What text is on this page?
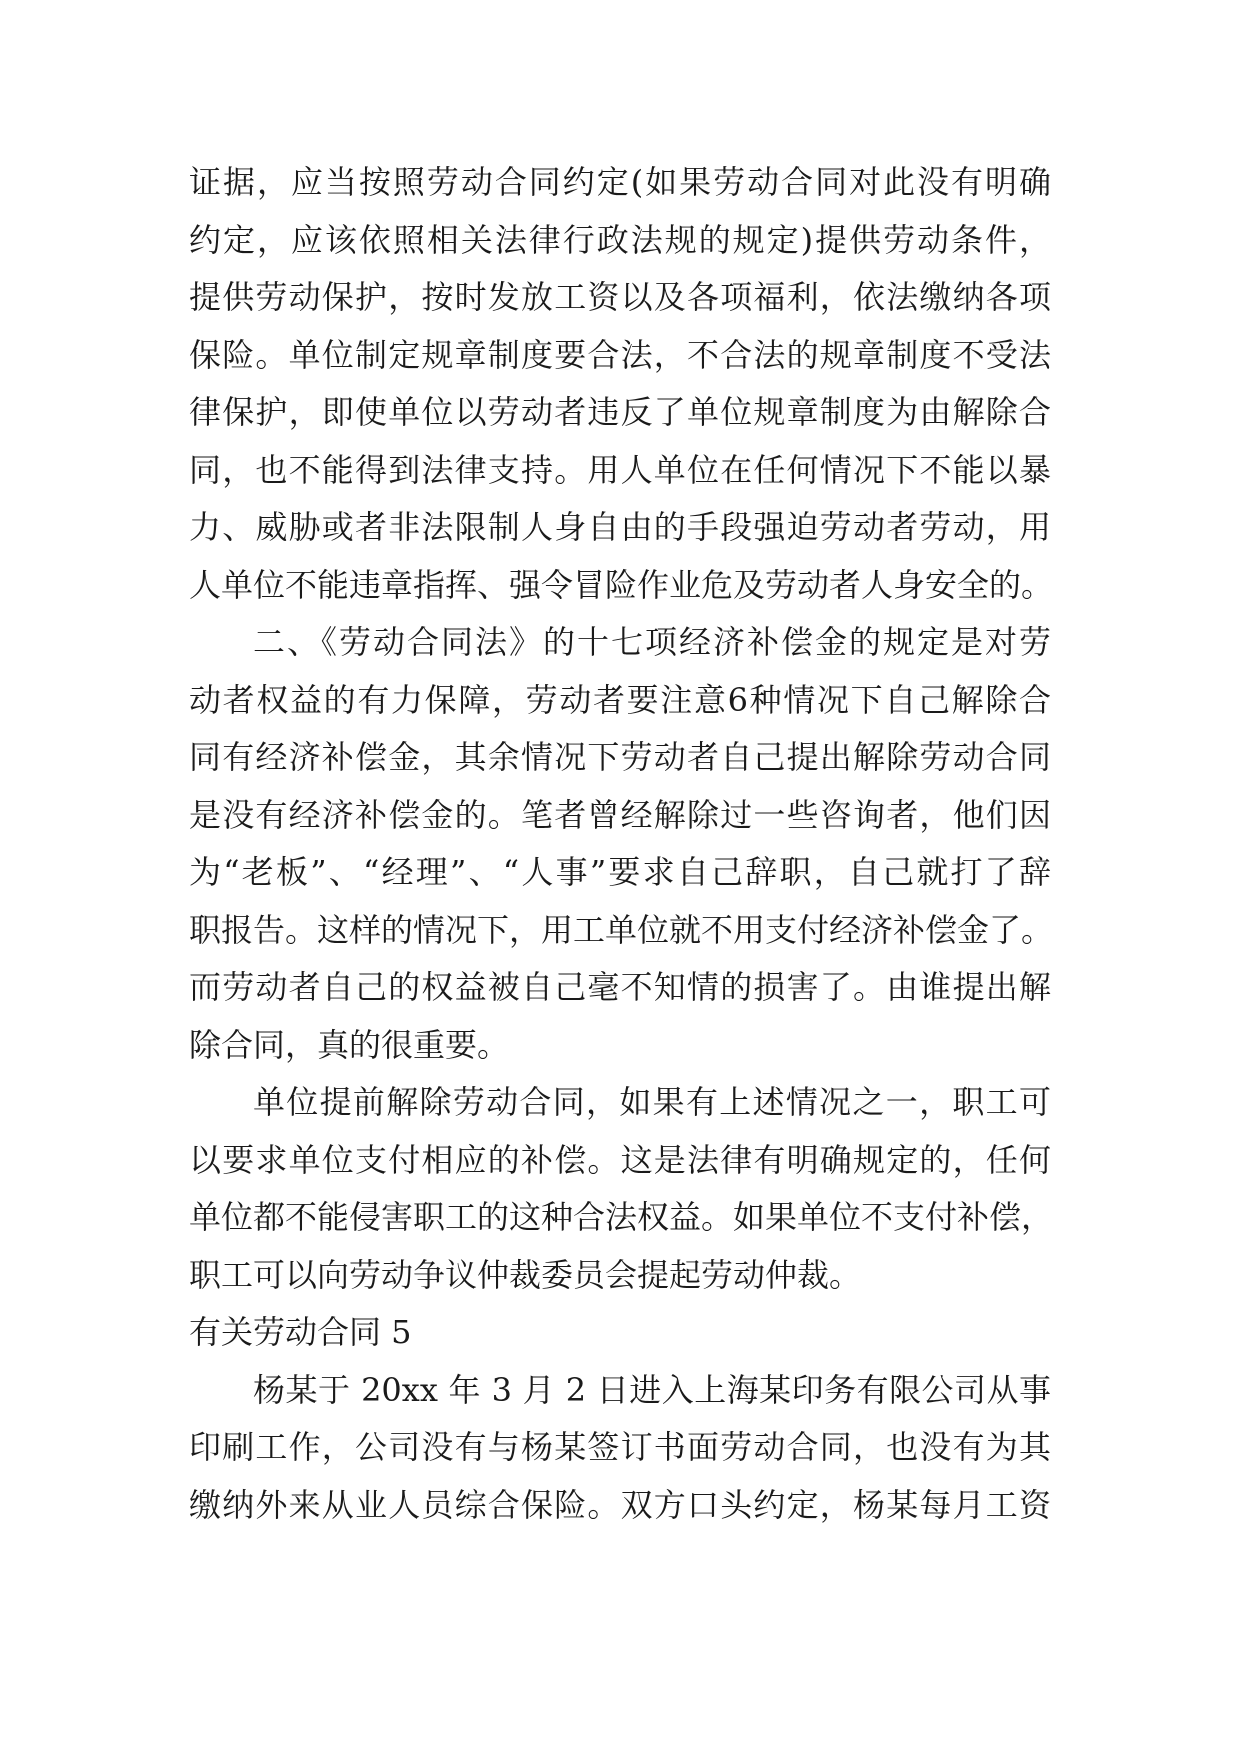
证据，应当按照劳动合同约定(如果劳动合同对此没有明确
约定，应该依照相关法律行政法规的规定)提供劳动条件，
提供劳动保护，按时发放工资以及各项福利，依法缴纳各项
保险。单位制定规章制度要合法，不合法的规章制度不受法
律保护，即使单位以劳动者违反了单位规章制度为由解除合
同，也不能得到法律支持。用人单位在任何情况下不能以暴
力、威胁或者非法限制人身自由的手段强迫劳动者劳动，用
人单位不能违章指挥、强令冒险作业危及劳动者人身安全的。
二、《劳动合同法》的十七项经济补偿金的规定是对劳
动者权益的有力保障，劳动者要注意6种情况下自己解除合
同有经济补偿金，其余情况下劳动者自己提出解除劳动合同
是没有经济补偿金的。笔者曾经解除过一些咨询者，他们因
为“老板”、“经理”、“人事”要求自己辞职，自己就打了辞
职报告。这样的情况下，用工单位就不用支付经济补偿金了。
而劳动者自己的权益被自己毫不知情的损害了。由谁提出解
除合同，真的很重要。
单位提前解除劳动合同，如果有上述情况之一，职工可
以要求单位支付相应的补偿。这是法律有明确规定的，任何
单位都不能侵害职工的这种合法权益。如果单位不支付补偿，
职工可以向劳动争议仲裁委员会提起劳动仲裁。
有关劳动合同 5
杨某于 20xx 年 3 月 2 日进入上海某印务有限公司从事
印刷工作，公司没有与杨某签订书面劳动合同，也没有为其
缴纳外来从业人员综合保险。双方口头约定，杨某每月工资
